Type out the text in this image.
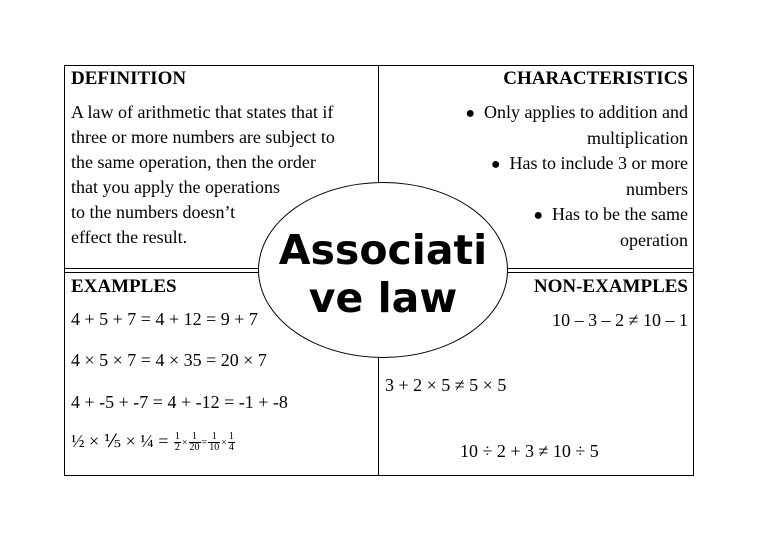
DEFINITION
A law of arithmetic that states that if
three or more numbers are subject to
the same operation, then the order
that you apply the operations
to the numbers doesn’t
effect the result.
CHARACTERISTICS
● Only applies to addition and
multiplication
● Has to include 3 or more
numbers
● Has to be the same
operation
EXAMPLES
4 + 5 + 7 = 4 + 12 = 9 + 7
4 × 5 × 7 = 4 × 35 = 20 × 7
4 + -5 + -7 = 4 + -12 = -1 + -8
½ × ⅕ × ¼ = $\frac{1}{2} \times \frac{1}{20} = \frac{1}{10} \times \frac{1}{4}$
NON-EXAMPLES
10 – 3 – 2 ≠ 10 – 1
3 + 2 × 5 ≠ 5 × 5
10 ÷ 2 + 3 ≠ 10 ÷ 5
Associati
ve law
